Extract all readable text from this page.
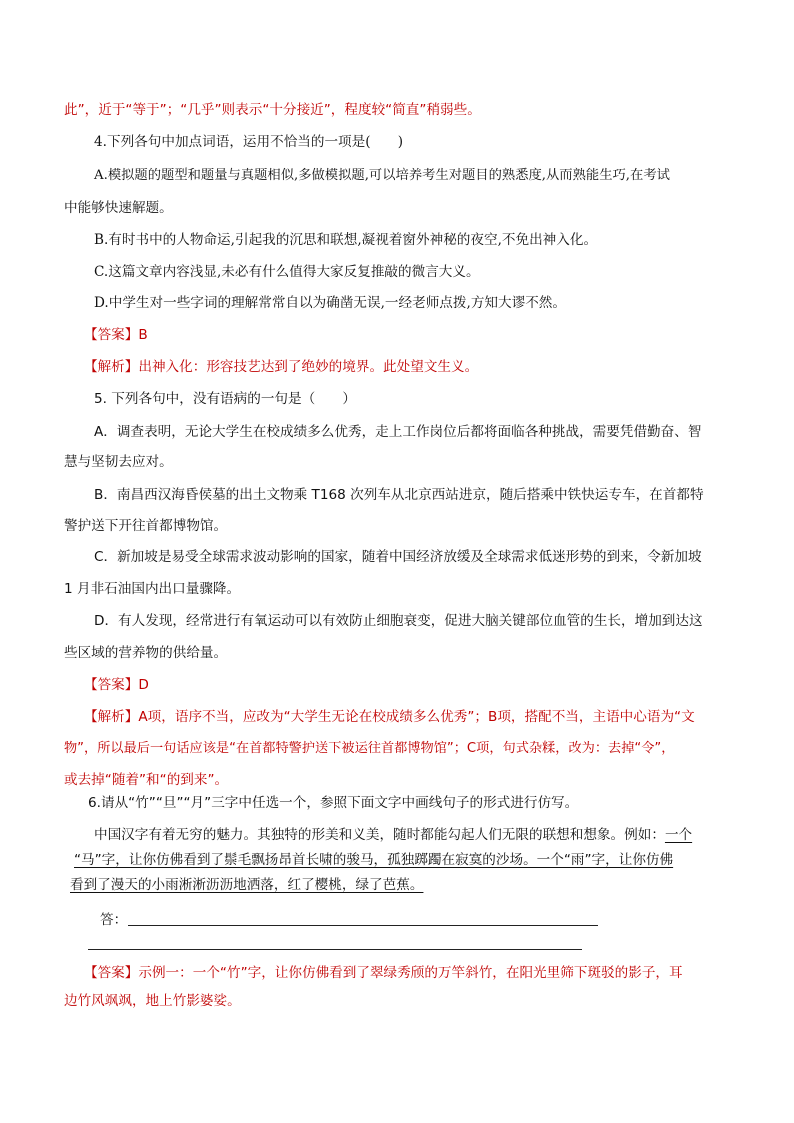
此”，近于“等于”；“几乎”则表示“十分接近”，程度较“简直”稍弱些。
4.下列各句中加点词语，运用不恰当的一项是(　　)
A.模拟题的题型和题量与真题相似,多做模拟题,可以培养考生对题目的熟悉度,从而熟能生巧,在考试
中能够快速解题。
B.有时书中的人物命运,引起我的沉思和联想,凝视着窗外神秘的夜空,不免出神入化。
C.这篇文章内容浅显,未必有什么值得大家反复推敲的微言大义。
D.中学生对一些字词的理解常常自以为确凿无误,一经老师点拨,方知大谬不然。
【答案】B
【解析】出神入化：形容技艺达到了绝妙的境界。此处望文生义。
5. 下列各句中，没有语病的一句是（　　）
A．调查表明，无论大学生在校成绩多么优秀，走上工作岗位后都将面临各种挑战，需要凭借勤奋、智
慧与坚韧去应对。
B．南昌西汉海昏侯墓的出土文物乘 T168 次列车从北京西站进京，随后搭乘中铁快运专车，在首都特
警护送下开往首都博物馆。
C．新加坡是易受全球需求波动影响的国家，随着中国经济放缓及全球需求低迷形势的到来，令新加坡
1 月非石油国内出口量骤降。
D．有人发现，经常进行有氧运动可以有效防止细胞衰变，促进大脑关键部位血管的生长，增加到达这
些区域的营养物的供给量。
【答案】D
【解析】A项，语序不当，应改为“大学生无论在校成绩多么优秀”；B项，搭配不当，主语中心语为“文
物”，所以最后一句话应该是“在首都特警护送下被运往首都博物馆”；C项，句式杂糅，改为：去掉“令”，
或去掉“随着”和“的到来”。
6.请从“竹”“旦”“月”三字中任选一个，参照下面文字中画线句子的形式进行仿写。
中国汉字有着无穷的魅力。其独特的形美和义美，随时都能勾起人们无限的联想和想象。例如：一个
“马”字，让你仿佛看到了鬃毛飘扬昂首长啸的骏马，孤独踯躅在寂寞的沙场。一个“雨”字，让你仿佛
看到了漫天的小雨淅淅沥沥地洒落，红了樱桃，绿了芭蕉。
答：
【答案】示例一：一个“竹”字，让你仿佛看到了翠绿秀颀的万竿斜竹，在阳光里筛下斑驳的影子，耳
边竹风飒飒，地上竹影婆娑。
